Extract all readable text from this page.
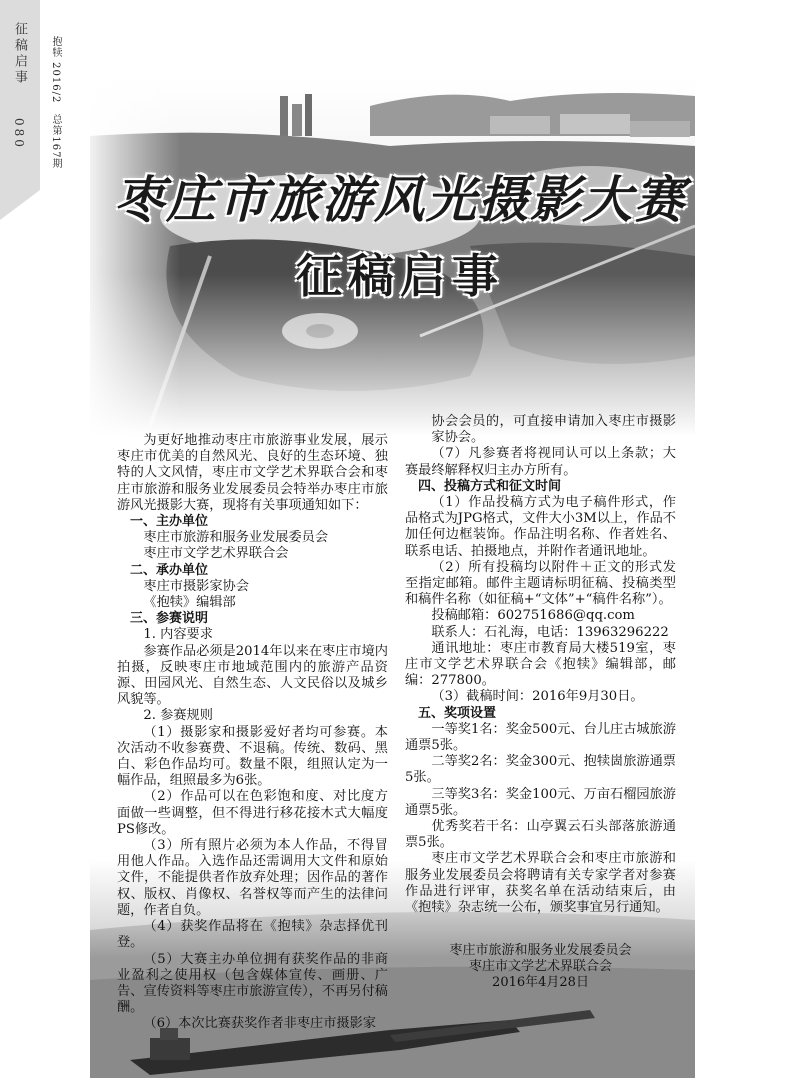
征稿启事
080 抱犊 2016/2　总第167期
枣庄市旅游风光摄影大赛
征稿启事

为更好地推动枣庄市旅游事业发展，展示枣庄市优美的自然风光、良好的生态环境、独特的人文风情，枣庄市文学艺术界联合会和枣庄市旅游和服务业发展委员会特举办枣庄市旅游风光摄影大赛，现将有关事项通知如下：

一、主办单位

枣庄市旅游和服务业发展委员会

枣庄市文学艺术界联合会

二、承办单位

枣庄市摄影家协会

《抱犊》编辑部

三、参赛说明

1. 内容要求

参赛作品必须是2014年以来在枣庄市境内拍摄，反映枣庄市地域范围内的旅游产品资源、田园风光、自然生态、人文民俗以及城乡风貌等。

2. 参赛规则

（1）摄影家和摄影爱好者均可参赛。本次活动不收参赛费、不退稿。传统、数码、黑白、彩色作品均可。数量不限，组照认定为一幅作品，组照最多为6张。

（2）作品可以在色彩饱和度、对比度方面做一些调整，但不得进行移花接木式大幅度PS修改。

（3）所有照片必须为本人作品，不得冒用他人作品。入选作品还需调用大文件和原始文件，不能提供者作放弃处理；因作品的著作权、版权、肖像权、名誉权等而产生的法律问题，作者自负。

（4）获奖作品将在《抱犊》杂志择优刊登。

（5）大赛主办单位拥有获奖作品的非商业盈利之使用权（包含媒体宣传、画册、广告、宣传资料等枣庄市旅游宣传），不再另付稿酬。

（6）本次比赛获奖作者非枣庄市摄影家

协会会员的，可直接申请加入枣庄市摄影家协会。

（7）凡参赛者将视同认可以上条款；大赛最终解释权归主办方所有。

四、投稿方式和征文时间

（1）作品投稿方式为电子稿件形式，作品格式为JPG格式，文件大小3M以上，作品不加任何边框装饰。作品注明名称、作者姓名、联系电话、拍摄地点，并附作者通讯地址。

（2）所有投稿均以附件＋正文的形式发至指定邮箱。邮件主题请标明征稿、投稿类型和稿件名称（如征稿+“文体”+“稿件名称”）。

投稿邮箱：602751686@qq.com

联系人：石礼海，电话：13963296222

通讯地址：枣庄市教育局大楼519室，枣庄市文学艺术界联合会《抱犊》编辑部，邮编：277800。

（3）截稿时间：2016年9月30日。

五、奖项设置

一等奖1名：奖金500元、台儿庄古城旅游通票5张。

二等奖2名：奖金300元、抱犊崮旅游通票5张。

三等奖3名：奖金100元、万亩石榴园旅游通票5张。

优秀奖若干名：山亭翼云石头部落旅游通票5张。

枣庄市文学艺术界联合会和枣庄市旅游和服务业发展委员会将聘请有关专家学者对参赛作品进行评审，获奖名单在活动结束后，由《抱犊》杂志统一公布，颁奖事宜另行通知。

枣庄市旅游和服务业发展委员会

枣庄市文学艺术界联合会

2016年4月28日
